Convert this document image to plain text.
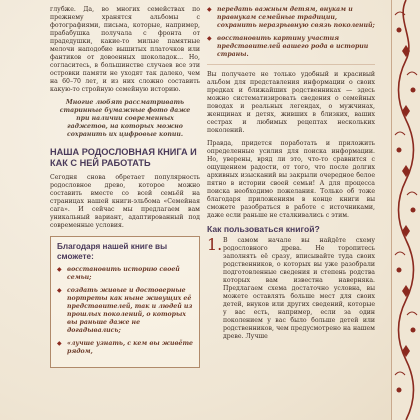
глубже. Да, во многих семействах по прежнему хранятся альбомы с фотографиями, письма, которые, например, прабабушка получала с фронта от прадедушки, какие-то милые памятные мелочи наподобие вышитых платочков или фантиков от довоенных шоколадок... Но, согласитесь, в большинстве случаев все эти островки памяти не уходят так далеко, чем на 60–70 лет, и из них сложно составить какую-то стройную семейную историю.

Многие любят рассматривать старинные бумажные фото даже при наличии современных гаджетов, на которых можно сохранить их цифровые копии.
НАША РОДОСЛОВНАЯ КНИГА И КАК С НЕЙ РАБОТАТЬ

Сегодня снова обретает популярность родословное древо, которое можно составить вместе со всей семьёй на страницах нашей книги-эльбома «Семейная сага». И сейчас мы предлагаем вам уникальный вариант, адаптированный под современные условия.

Благодаря нашей книге вы сможете:
◆ восстановить историю своей семьи;
◆ создать живые и достоверные портреты как ныне живущих её представителей, так и людей из прошлых поколений, о которых вы раньше даже не догадывались;
◆ «лучше узнать, с кем вы живёте рядом,
◆ передать важным детям, внукам и правнукам семейные традиции, сохранить неразрывную связь поколений;
◆ восстановить картину участия представителей вашего рода в истории страны.

Вы получаете не только удобный и красивый альбом для представления информации о своих предках и ближайших родственниках — здесь можно систематизировать сведения о семейных поводах и реальных легендах, о мужчинах, женщинах и детях, живших в близких, ваших сестрах и любимых рецептах нескольких поколений.

Правда, придется поработать и приложить определенные усилия для поиска информации. Но, уверены, вряд ли это, что-то сравнится с ощущением радости, от того, что после долгих архивных изысканий вы закрыли очередное белое пятно в истории своей семьи! А для процесса поиска необходимо пожелания. Только об тоже благодаря приложениям в конце книги вы сможете разобраться в работе с источниками, даже если раньше не сталкивались с этим.

Как пользоваться книгой?
1. В самом начале вы найдёте схему родословного древа. Не торопитесь заполнять её сразу, вписывайте туда своих родственников, о которых вы уже разобрали подготовленные сведения и степень родства которых вам известна наверняка. Предлагаем схема достаточно условна, вы можете оставлять больше мест для своих детей, внуков или других сведений, которые у вас есть, например, если за один поколением у вас было больше детей или родственников, чем предусмотрено на нашем древе. Лучше
